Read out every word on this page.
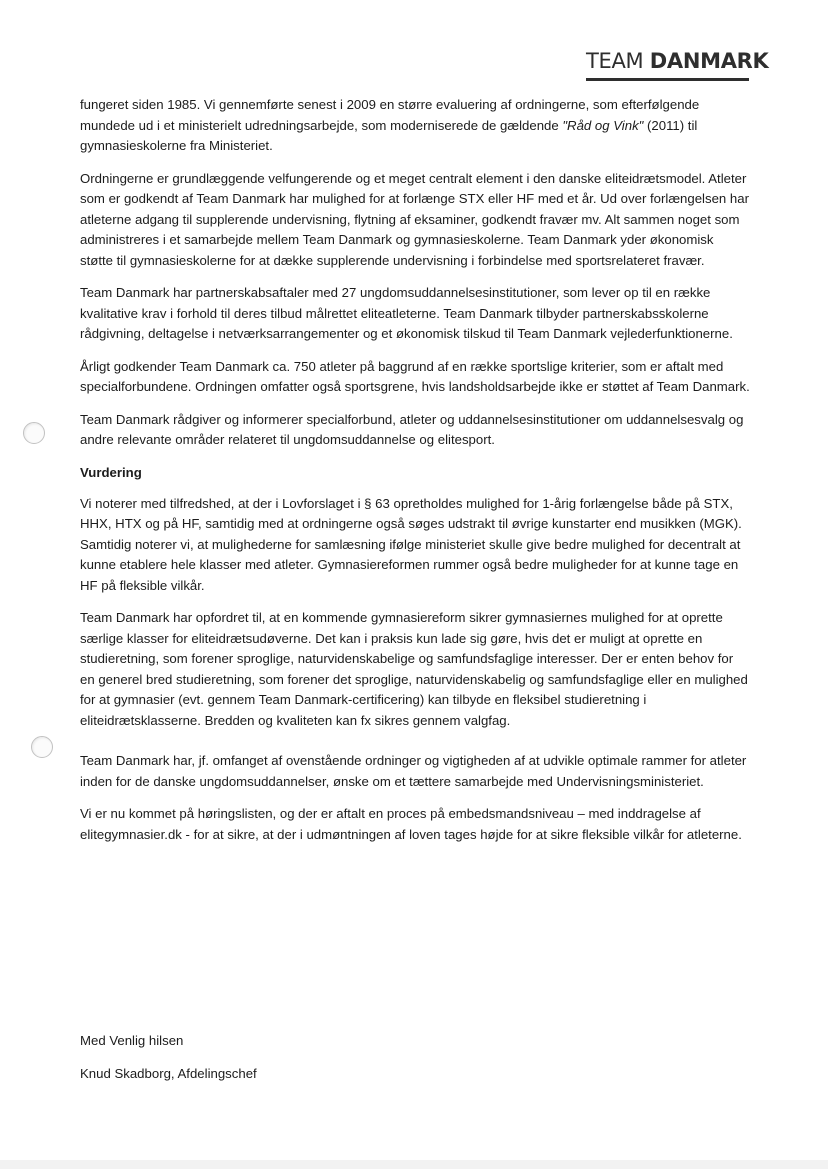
TEAM DANMARK

fungeret siden 1985. Vi gennemførte senest i 2009 en større evaluering af ordningerne, som efterfølgende mundede ud i et ministerielt udredningsarbejde, som moderniserede de gældende "Råd og Vink" (2011) til gymnasieskolerne fra Ministeriet.

Ordningerne er grundlæggende velfungerende og et meget centralt element i den danske eliteidrætsmodel. Atleter som er godkendt af Team Danmark har mulighed for at forlænge STX eller HF med et år. Ud over forlængelsen har atleterne adgang til supplerende undervisning, flytning af eksaminer, godkendt fravær mv. Alt sammen noget som administreres i et samarbejde mellem Team Danmark og gymnasieskolerne. Team Danmark yder økonomisk støtte til gymnasieskolerne for at dække supplerende undervisning i forbindelse med sportsrelateret fravær.

Team Danmark har partnerskabsaftaler med 27 ungdomsuddannelsesinstitutioner, som lever op til en række kvalitative krav i forhold til deres tilbud målrettet eliteatleterne. Team Danmark tilbyder partnerskabsskolerne rådgivning, deltagelse i netværksarrangementer og et økonomisk tilskud til Team Danmark vejlederfunktionerne.

Årligt godkender Team Danmark ca. 750 atleter på baggrund af en række sportslige kriterier, som er aftalt med specialforbundene. Ordningen omfatter også sportsgrene, hvis landsholdsarbejde ikke er støttet af Team Danmark.

Team Danmark rådgiver og informerer specialforbund, atleter og uddannelsesinstitutioner om uddannelsesvalg og andre relevante områder relateret til ungdomsuddannelse og elitesport.

Vurdering

Vi noterer med tilfredshed, at der i Lovforslaget i § 63 opretholdes mulighed for 1-årig forlængelse både på STX, HHX, HTX og på HF, samtidig med at ordningerne også søges udstrakt til øvrige kunstarter end musikken (MGK). Samtidig noterer vi, at mulighederne for samlæsning ifølge ministeriet skulle give bedre mulighed for decentralt at kunne etablere hele klasser med atleter. Gymnasiereformen rummer også bedre muligheder for at kunne tage en HF på fleksible vilkår.

Team Danmark har opfordret til, at en kommende gymnasiereform sikrer gymnasiernes mulighed for at oprette særlige klasser for eliteidrætsudøverne. Det kan i praksis kun lade sig gøre, hvis det er muligt at oprette en studieretning, som forener sproglige, naturvidenskabelige og samfundsfaglige interesser. Der er enten behov for en generel bred studieretning, som forener det sproglige, naturvidenskabelig og samfundsfaglige eller en mulighed for at gymnasier (evt. gennem Team Danmark-certificering) kan tilbyde en fleksibel studieretning i eliteidrætsklasserne. Bredden og kvaliteten kan fx sikres gennem valgfag.

Team Danmark har, jf. omfanget af ovenstående ordninger og vigtigheden af at udvikle optimale rammer for atleter inden for de danske ungdomsuddannelser, ønske om et tættere samarbejde med Undervisningsministeriet.

Vi er nu kommet på høringslisten, og der er aftalt en proces på embedsmandsniveau – med inddragelse af elitegymnasier.dk - for at sikre, at der i udmøntningen af loven tages højde for at sikre fleksible vilkår for atleterne.

Med Venlig hilsen
Knud Skadborg, Afdelingschef
